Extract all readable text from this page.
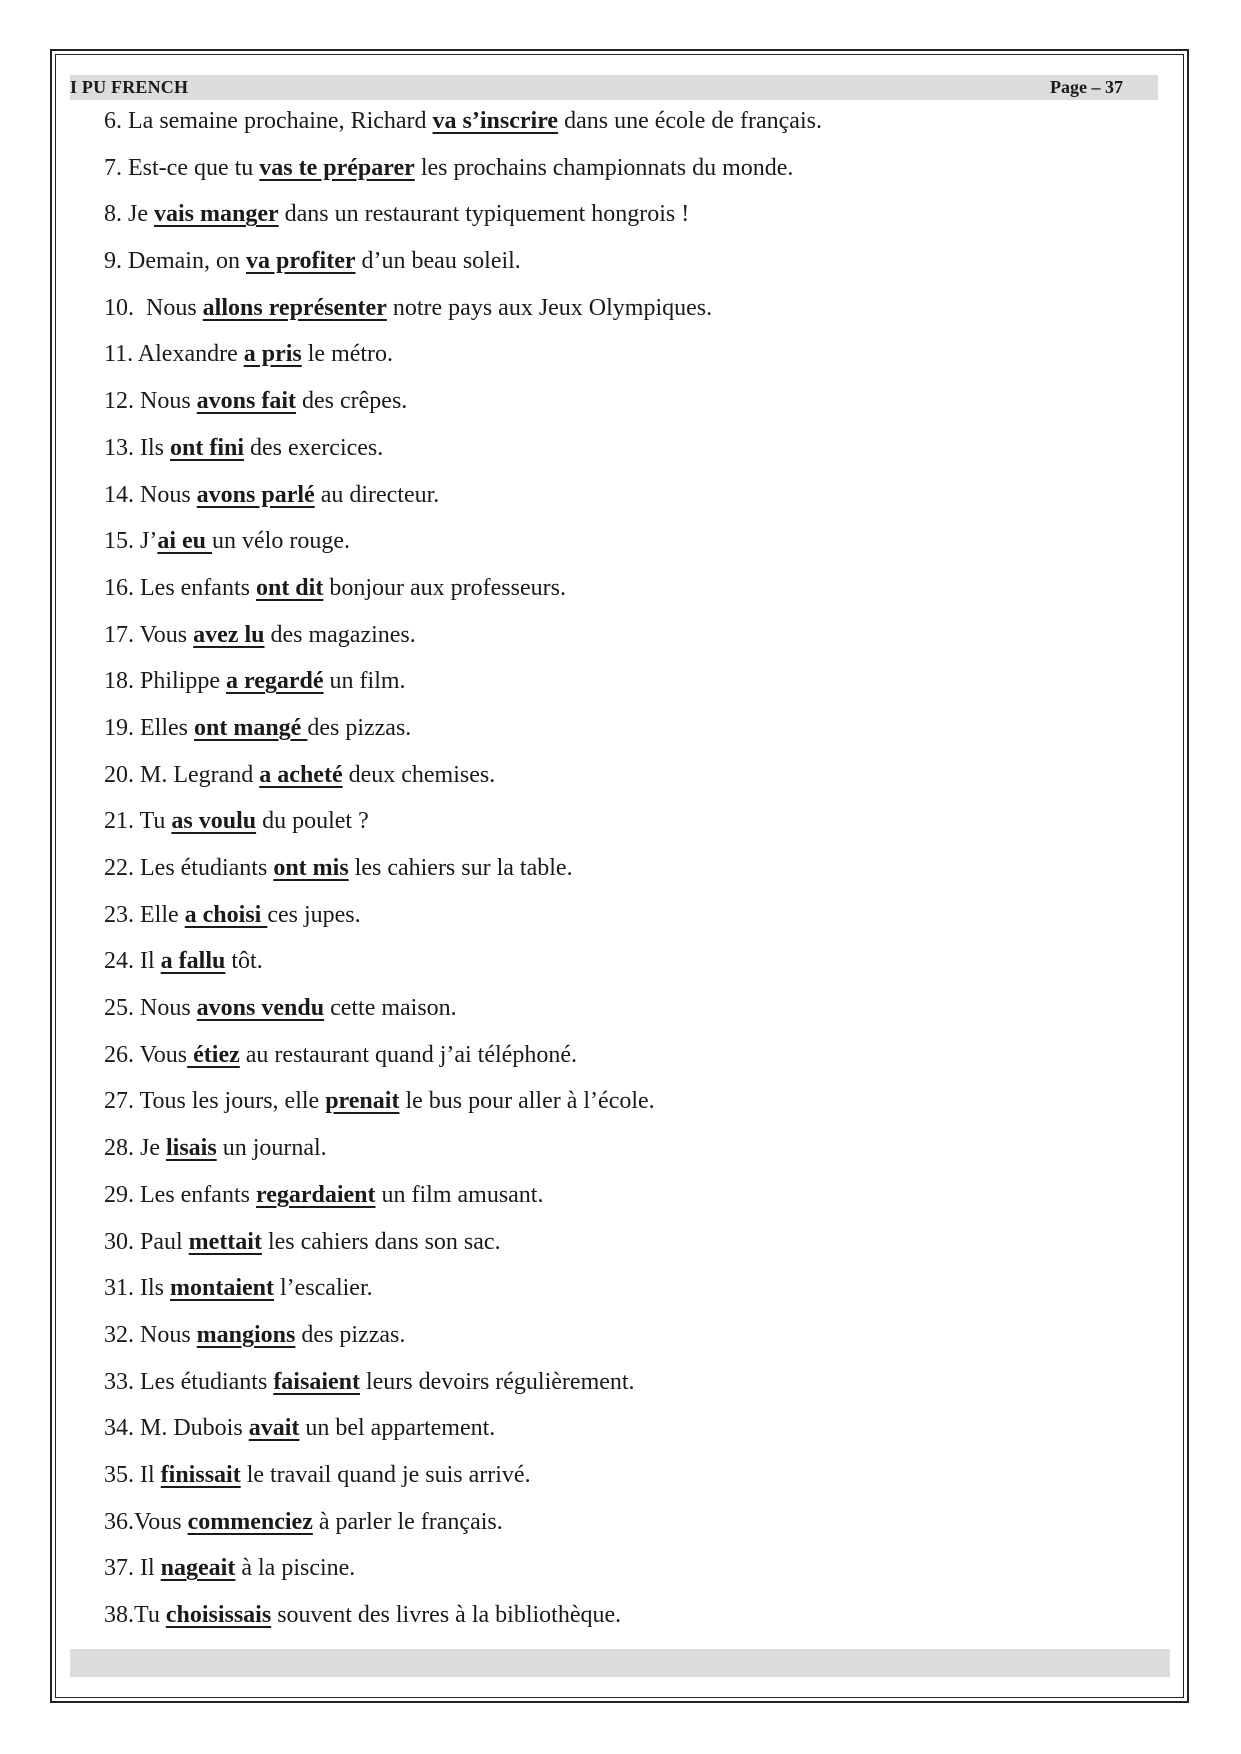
I PU FRENCH	Page – 37
6. La semaine prochaine, Richard va s’inscrire dans une école de français.
7. Est-ce que tu vas te préparer les prochains championnats du monde.
8. Je vais manger dans un restaurant typiquement hongrois !
9. Demain, on va profiter d’un beau soleil.
10.  Nous allons représenter notre pays aux Jeux Olympiques.
11. Alexandre a pris le métro.
12. Nous avons fait des crêpes.
13. Ils ont fini des exercices.
14. Nous avons parlé au directeur.
15. J’ai eu un vélo rouge.
16. Les enfants ont dit bonjour aux professeurs.
17. Vous avez lu des magazines.
18. Philippe a regardé un film.
19. Elles ont mangé des pizzas.
20. M. Legrand a acheté deux chemises.
21. Tu as voulu du poulet ?
22. Les étudiants ont mis les cahiers sur la table.
23. Elle a choisi ces jupes.
24. Il a fallu tôt.
25. Nous avons vendu cette maison.
26. Vous étiez au restaurant quand j’ai téléphoné.
27. Tous les jours, elle prenait le bus pour aller à l’école.
28. Je lisais un journal.
29. Les enfants regardaient un film amusant.
30. Paul mettait les cahiers dans son sac.
31. Ils montaient l’escalier.
32. Nous mangions des pizzas.
33. Les étudiants faisaient leurs devoirs régulièrement.
34. M. Dubois avait un bel appartement.
35. Il finissait le travail quand je suis arrivé.
36.Vous commenciez à parler le français.
37. Il nageait à la piscine.
38.Tu choisissais souvent des livres à la bibliothèque.
